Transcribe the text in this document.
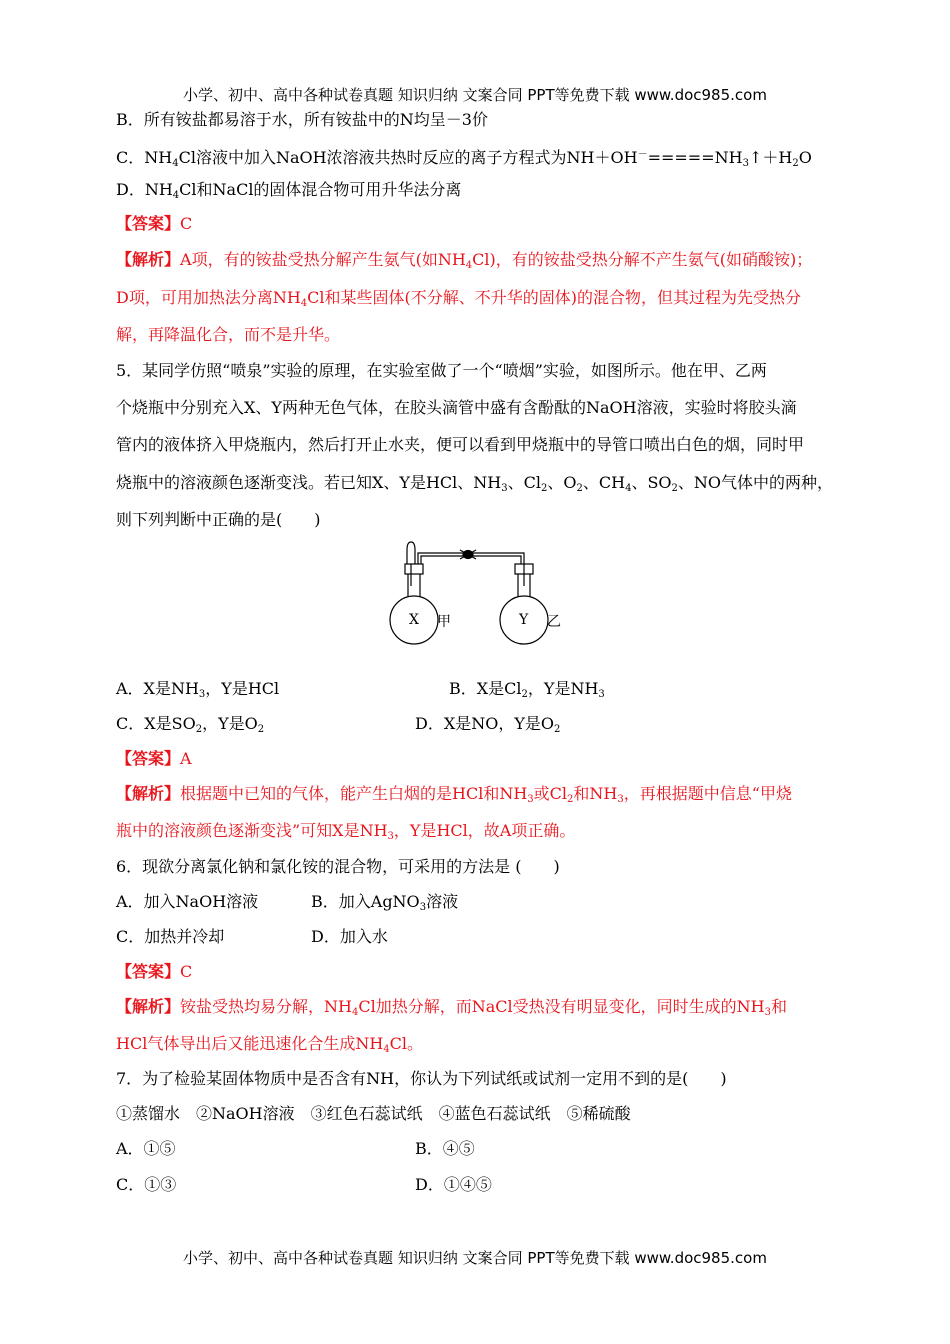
小学、初中、高中各种试卷真题 知识归纳 文案合同 PPT等免费下载 www.doc985.com
B．所有铵盐都易溶于水，所有铵盐中的N均呈－3价
C．$NH_4Cl$溶液中加入NaOH浓溶液共热时反应的离子方程式为$NH+OH^-=====NH_3↑+H_2O$
D．$NH_4Cl$和NaCl的固体混合物可用升华法分离
【答案】C
【解析】A项，有的铵盐受热分解产生氨气(如$NH_4Cl$)，有的铵盐受热分解不产生氨气(如硝酸铵)；
D项，可用加热法分离$NH_4Cl$和某些固体(不分解、不升华的固体)的混合物，但其过程为先受热分
解，再降温化合，而不是升华。
5．某同学仿照“喷泉”实验的原理，在实验室做了一个“喷烟”实验，如图所示。他在甲、乙两
个烧瓶中分别充入X、Y两种无色气体，在胶头滴管中盛有含酚酞的NaOH溶液，实验时将胶头滴
管内的液体挤入甲烧瓶内，然后打开止水夹，便可以看到甲烧瓶中的导管口喷出白色的烟，同时甲
烧瓶中的溶液颜色逐渐变浅。若已知X、Y是HCl、$NH_3$、$Cl_2$、$O_2$、$CH_4$、$SO_2$、NO气体中的两种，
则下列判断中正确的是(　　)
X 甲	Y 乙
A．X是$NH_3$，Y是HCl	B．X是$Cl_2$，Y是$NH_3$
C．X是$SO_2$，Y是$O_2$	D．X是NO，Y是$O_2$
【答案】A
【解析】根据题中已知的气体，能产生白烟的是HCl和$NH_3$或$Cl_2$和$NH_3$，再根据题中信息“甲烧
瓶中的溶液颜色逐渐变浅”可知X是$NH_3$，Y是HCl，故A项正确。
6．现欲分离氯化钠和氯化铵的混合物，可采用的方法是 (　　)
A．加入NaOH溶液	B．加入AgNO$_3$溶液
C．加热并冷却	D．加入水
【答案】C
【解析】铵盐受热均易分解，$NH_4Cl$加热分解，而NaCl受热没有明显变化，同时生成的$NH_3$和
HCl气体导出后又能迅速化合生成$NH_4Cl$。
7．为了检验某固体物质中是否含有NH，你认为下列试纸或试剂一定用不到的是(　　)
①蒸馏水　②NaOH溶液　③红色石蕊试纸　④蓝色石蕊试纸　⑤稀硫酸
A．①⑤	B．④⑤
C．①③	D．①④⑤
小学、初中、高中各种试卷真题 知识归纳 文案合同 PPT等免费下载 www.doc985.com
